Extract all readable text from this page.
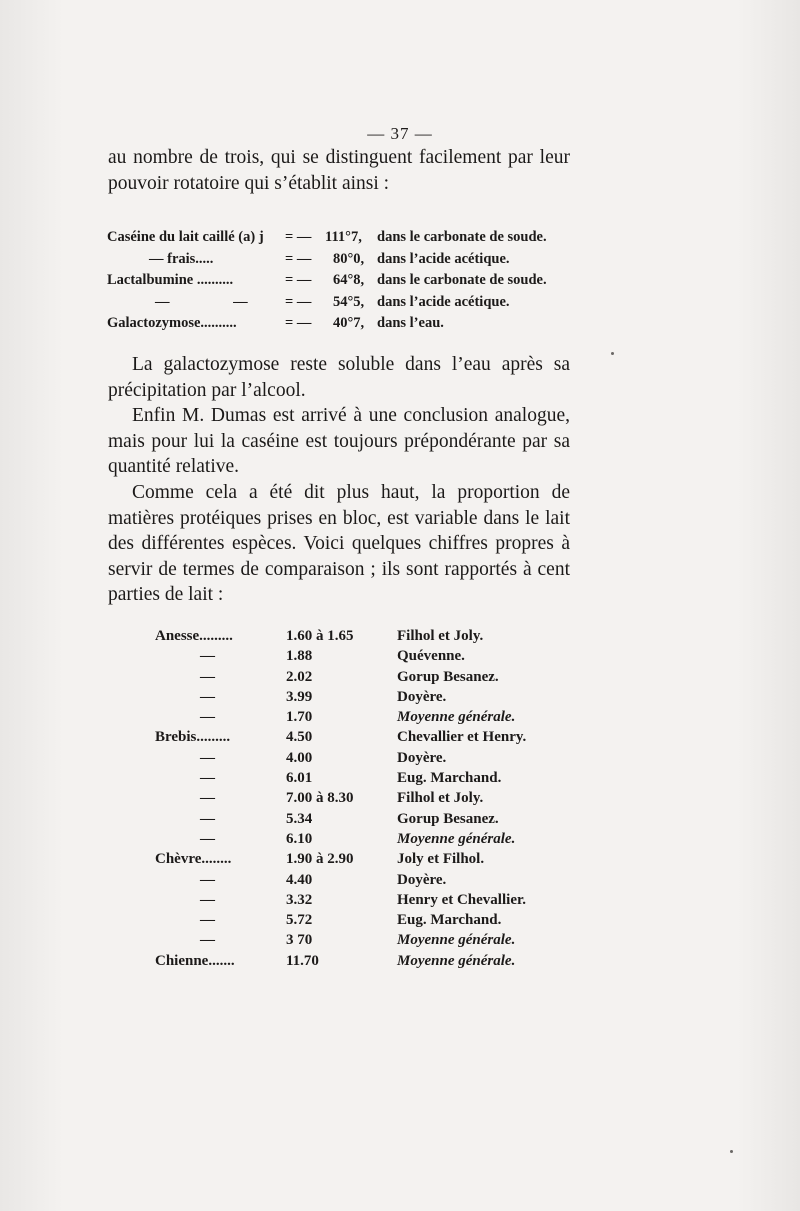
— 37 —

au nombre de trois, qui se distinguent facilement par leur pouvoir rotatoire qui s’établit ainsi :

Caséine du lait caillé (a) j = — 111°7, dans le carbonate de soude.
— frais.....	= — 80°0, dans l’acide acétique.
Lactalbumine ..........	= — 64°8, dans le carbonate de soude.
— —	= — 54°5, dans l’acide acétique.
Galactozymose..........	= — 40°7, dans l’eau.

La galactozymose reste soluble dans l’eau après sa précipitation par l’alcool.

Enfin M. Dumas est arrivé à une conclusion analogue, mais pour lui la caséine est toujours prépondérante par sa quantité relative.

Comme cela a été dit plus haut, la proportion de matières protéiques prises en bloc, est variable dans le lait des différentes espèces. Voici quelques chiffres propres à servir de termes de comparaison ; ils sont rapportés à cent parties de lait :

Anesse.........	1.60 à 1.65	Filhol et Joly.
—	1.88	Quévenne.
—	2.02	Gorup Besanez.
—	3.99	Doyère.
—	1.70	Moyenne générale.
Brebis.........	4.50	Chevallier et Henry.
—	4.00	Doyère.
—	6.01	Eug. Marchand.
—	7.00 à 8.30	Filhol et Joly.
—	5.34	Gorup Besanez.
—	6.10	Moyenne générale.
Chèvre........	1.90 à 2.90	Joly et Filhol.
—	4.40	Doyère.
—	3.32	Henry et Chevallier.
—	5.72	Eug. Marchand.
—	3 70	Moyenne générale.
Chienne.......	11.70	Moyenne générale.
